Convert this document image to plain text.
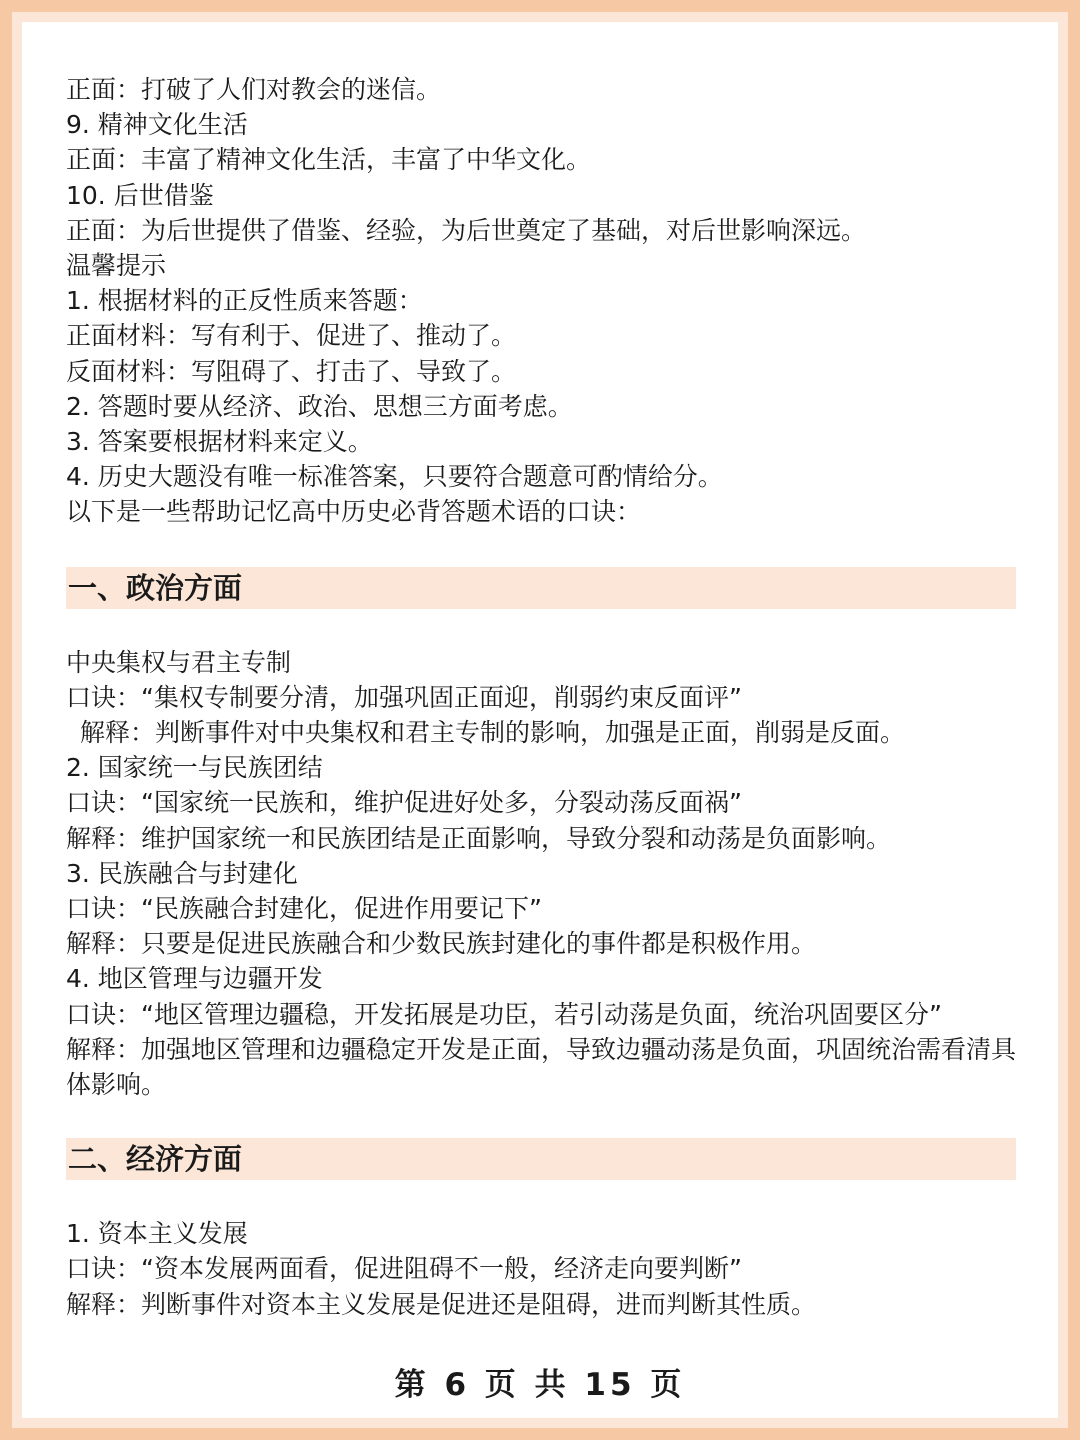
正面：打破了人们对教会的迷信。
9. 精神文化生活
正面：丰富了精神文化生活，丰富了中华文化。
10. 后世借鉴
正面：为后世提供了借鉴、经验，为后世奠定了基础，对后世影响深远。
温馨提示
1. 根据材料的正反性质来答题：
正面材料：写有利于、促进了、推动了。
反面材料：写阻碍了、打击了、导致了。
2. 答题时要从经济、政治、思想三方面考虑。
3. 答案要根据材料来定义。
4. 历史大题没有唯一标准答案，只要符合题意可酌情给分。
以下是一些帮助记忆高中历史必背答题术语的口诀：
一、政治方面
中央集权与君主专制
口诀：“集权专制要分清，加强巩固正面迎，削弱约束反面评”
解释：判断事件对中央集权和君主专制的影响，加强是正面，削弱是反面。
2. 国家统一与民族团结
口诀：“国家统一民族和，维护促进好处多，分裂动荡反面祸”
解释：维护国家统一和民族团结是正面影响，导致分裂和动荡是负面影响。
3. 民族融合与封建化
口诀：“民族融合封建化，促进作用要记下”
解释：只要是促进民族融合和少数民族封建化的事件都是积极作用。
4. 地区管理与边疆开发
口诀：“地区管理边疆稳，开发拓展是功臣，若引动荡是负面，统治巩固要区分”
解释：加强地区管理和边疆稳定开发是正面，导致边疆动荡是负面，巩固统治需看清具体影响。
二、经济方面
1. 资本主义发展
口诀：“资本发展两面看，促进阻碍不一般，经济走向要判断”
解释：判断事件对资本主义发展是促进还是阻碍，进而判断其性质。
第 6 页 共 15 页
